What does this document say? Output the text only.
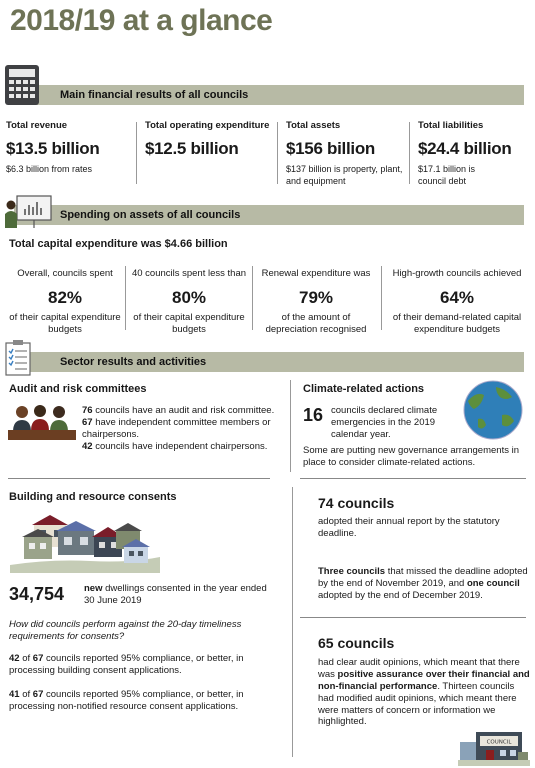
2018/19 at a glance
Main financial results of all councils
Total revenue
$13.5 billion
$6.3 billion from rates
Total operating expenditure
$12.5 billion
Total assets
$156 billion
$137 billion is property, plant, and equipment
Total liabilities
$24.4 billion
$17.1 billion is council debt
Spending on assets of all councils
Total capital expenditure was $4.66 billion
Overall, councils spent
82%
of their capital expenditure budgets
40 councils spent less than
80%
of their capital expenditure budgets
Renewal expenditure was
79%
of the amount of depreciation recognised
High-growth councils achieved
64%
of their demand-related capital expenditure budgets
Sector results and activities
Audit and risk committees
76 councils have an audit and risk committee.
67 have independent committee members or chairpersons.
42 councils have independent chairpersons.
Climate-related actions
16 councils declared climate emergencies in the 2019 calendar year.
Some are putting new governance arrangements in place to consider climate-related actions.
Building and resource consents
34,754 new dwellings consented in the year ended 30 June 2019
How did councils perform against the 20-day timeliness requirements for consents?
42 of 67 councils reported 95% compliance, or better, in processing building consent applications.
41 of 67 councils reported 95% compliance, or better, in processing non-notified resource consent applications.
74 councils
adopted their annual report by the statutory deadline.
Three councils that missed the deadline adopted by the end of November 2019, and one council adopted by the end of December 2019.
65 councils
had clear audit opinions, which meant that there was positive assurance over their financial and non-financial performance. Thirteen councils had modified audit opinions, which meant there were matters of concern or information we highlighted.
COUNCIL
